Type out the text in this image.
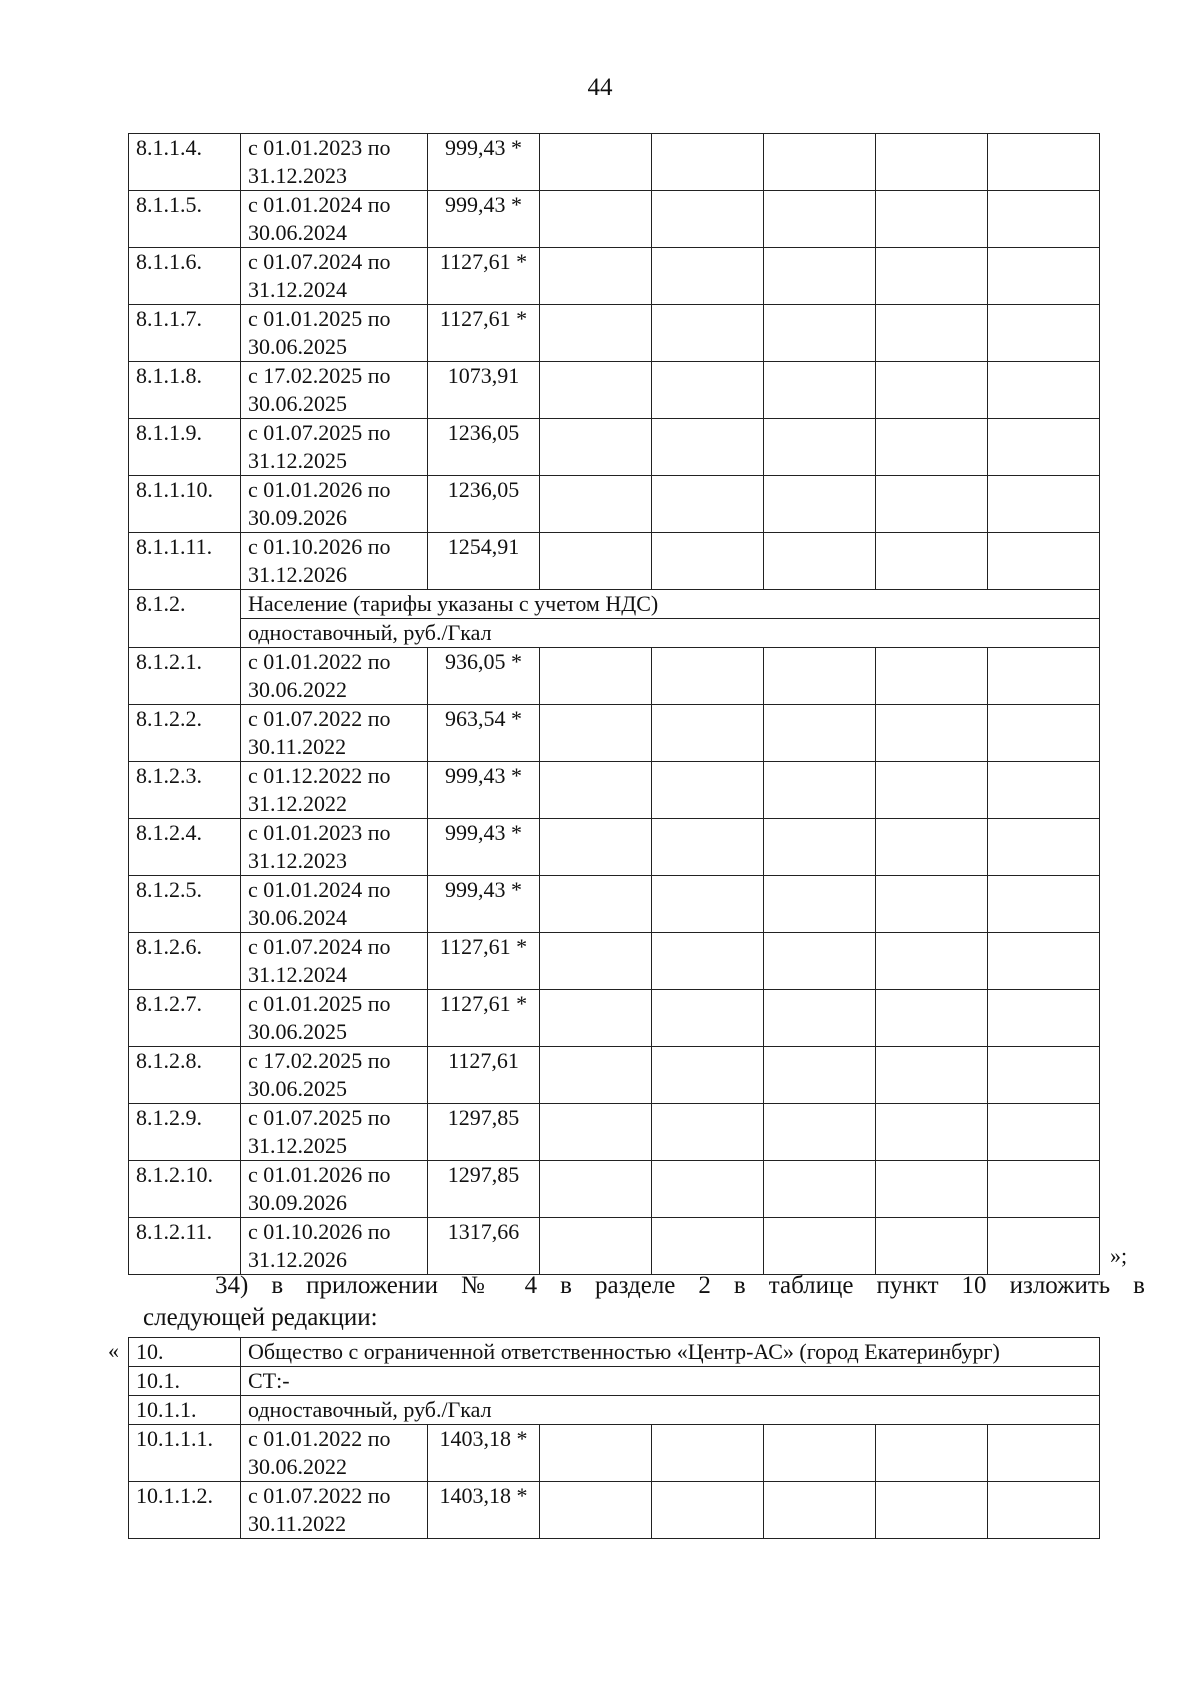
44
8.1.1.4.	с 01.01.2023 по 31.12.2023	999,43 *					
8.1.1.5.	с 01.01.2024 по 30.06.2024	999,43 *					
8.1.1.6.	с 01.07.2024 по 31.12.2024	1127,61 *					
8.1.1.7.	с 01.01.2025 по 30.06.2025	1127,61 *					
8.1.1.8.	с 17.02.2025 по 30.06.2025	1073,91					
8.1.1.9.	с 01.07.2025 по 31.12.2025	1236,05					
8.1.1.10.	с 01.01.2026 по 30.09.2026	1236,05					
8.1.1.11.	с 01.10.2026 по 31.12.2026	1254,91					
8.1.2.	Население (тарифы указаны с учетом НДС)						
	одноставочный, руб./Гкал						
8.1.2.1.	с 01.01.2022 по 30.06.2022	936,05 *					
8.1.2.2.	с 01.07.2022 по 30.11.2022	963,54 *					
8.1.2.3.	с 01.12.2022 по 31.12.2022	999,43 *					
8.1.2.4.	с 01.01.2023 по 31.12.2023	999,43 *					
8.1.2.5.	с 01.01.2024 по 30.06.2024	999,43 *					
8.1.2.6.	с 01.07.2024 по 31.12.2024	1127,61 *					
8.1.2.7.	с 01.01.2025 по 30.06.2025	1127,61 *					
8.1.2.8.	с 17.02.2025 по 30.06.2025	1127,61					
8.1.2.9.	с 01.07.2025 по 31.12.2025	1297,85					
8.1.2.10.	с 01.01.2026 по 30.09.2026	1297,85					
8.1.2.11.	с 01.10.2026 по 31.12.2026	1317,66					
»;
34) в приложении № 4 в разделе 2 в таблице пункт 10 изложить в
следующей редакции:
« 10.	Общество с ограниченной ответственностью «Центр-АС» (город Екатеринбург)						
10.1.	СТ:-						
10.1.1.	одноставочный, руб./Гкал						
10.1.1.1.	с 01.01.2022 по 30.06.2022	1403,18 *					
10.1.1.2.	с 01.07.2022 по 30.11.2022	1403,18 *					
